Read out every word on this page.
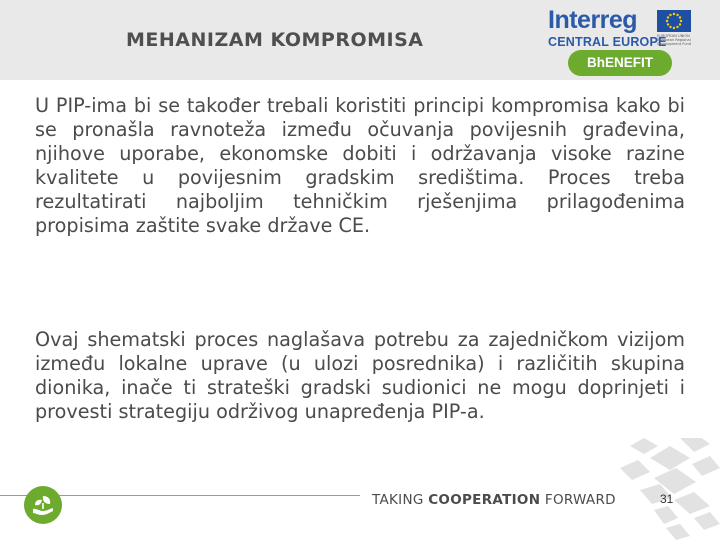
MEHANIZAM KOMPROMISA
Interreg
CENTRAL EUROPE
EUROPEAN UNION European Regional Development Fund
BhENEFIT

U PIP-ima bi se također trebali koristiti principi kompromisa kako bi se pronašla ravnoteža između očuvanja povijesnih građevina, njihove uporabe, ekonomske dobiti i održavanja visoke razine kvalitete u povijesnim gradskim središtima. Proces treba rezultatirati najboljim tehničkim rješenjima prilagođenima propisima zaštite svake države CE.

Ovaj shematski proces naglašava potrebu za zajedničkom vizijom između lokalne uprave (u ulozi posrednika) i različitih skupina dionika, inače ti strateški gradski sudionici ne mogu doprinjeti i provesti strategiju održivog unapređenja PIP-a.

TAKING COOPERATION FORWARD	31
